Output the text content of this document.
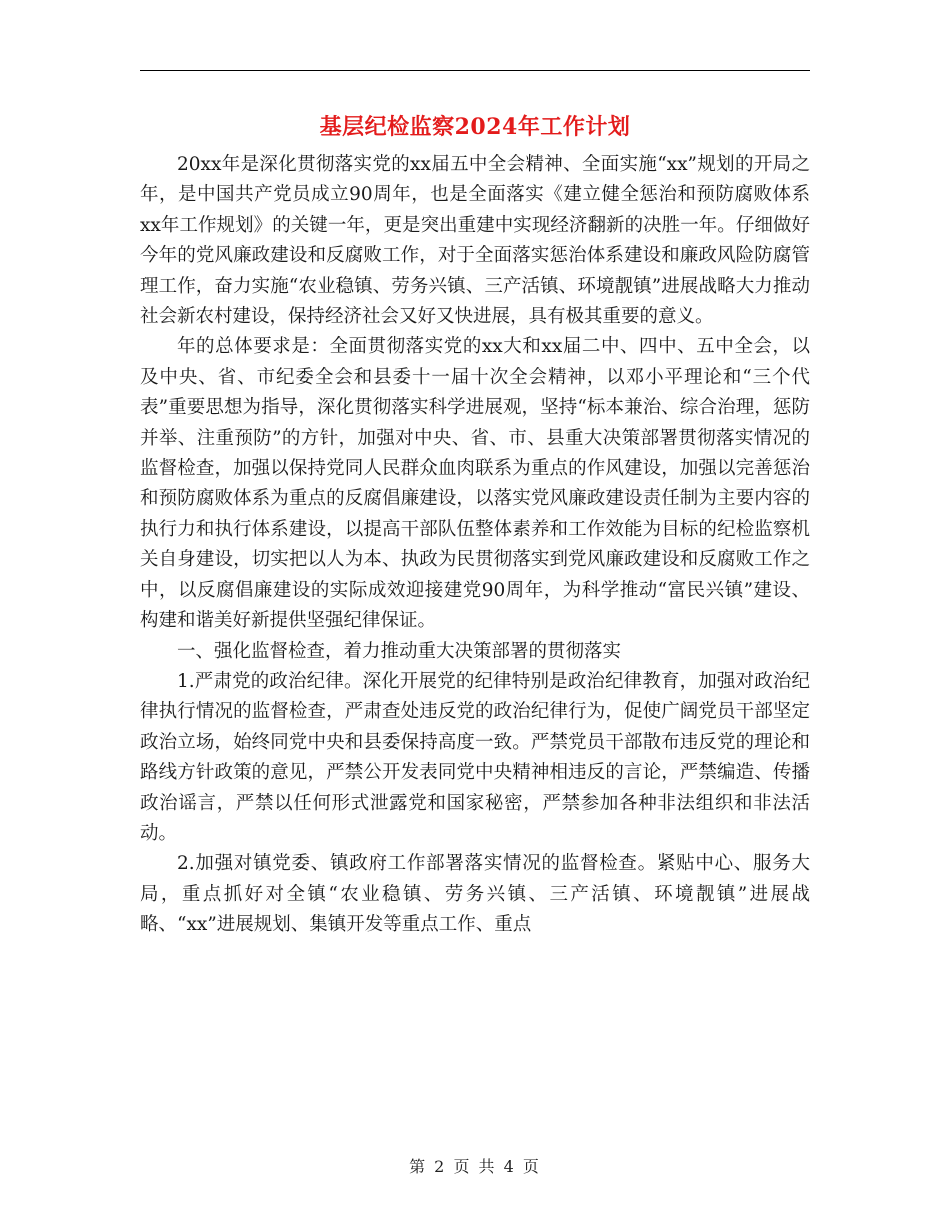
基层纪检监察2024年工作计划

20xx年是深化贯彻落实党的xx届五中全会精神、全面实施“xx”规划的开局之年，是中国共产党员成立90周年，也是全面落实《建立健全惩治和预防腐败体系xx年工作规划》的关键一年，更是突出重建中实现经济翻新的决胜一年。仔细做好今年的党风廉政建设和反腐败工作，对于全面落实惩治体系建设和廉政风险防腐管理工作，奋力实施“农业稳镇、劳务兴镇、三产活镇、环境靓镇”进展战略大力推动社会新农村建设，保持经济社会又好又快进展，具有极其重要的意义。

年的总体要求是：全面贯彻落实党的xx大和xx届二中、四中、五中全会，以及中央、省、市纪委全会和县委十一届十次全会精神，以邓小平理论和“三个代表”重要思想为指导，深化贯彻落实科学进展观，坚持“标本兼治、综合治理，惩防并举、注重预防”的方针，加强对中央、省、市、县重大决策部署贯彻落实情况的监督检查，加强以保持党同人民群众血肉联系为重点的作风建设，加强以完善惩治和预防腐败体系为重点的反腐倡廉建设，以落实党风廉政建设责任制为主要内容的执行力和执行体系建设，以提高干部队伍整体素养和工作效能为目标的纪检监察机关自身建设，切实把以人为本、执政为民贯彻落实到党风廉政建设和反腐败工作之中，以反腐倡廉建设的实际成效迎接建党90周年，为科学推动“富民兴镇”建设、构建和谐美好新提供坚强纪律保证。

一、强化监督检查，着力推动重大决策部署的贯彻落实

1.严肃党的政治纪律。深化开展党的纪律特别是政治纪律教育，加强对政治纪律执行情况的监督检查，严肃查处违反党的政治纪律行为，促使广阔党员干部坚定政治立场，始终同党中央和县委保持高度一致。严禁党员干部散布违反党的理论和路线方针政策的意见，严禁公开发表同党中央精神相违反的言论，严禁编造、传播政治谣言，严禁以任何形式泄露党和国家秘密，严禁参加各种非法组织和非法活动。

2.加强对镇党委、镇政府工作部署落实情况的监督检查。紧贴中心、服务大局，重点抓好对全镇“农业稳镇、劳务兴镇、三产活镇、环境靓镇”进展战略、“xx”进展规划、集镇开发等重点工作、重点

第 2 页 共 4 页
